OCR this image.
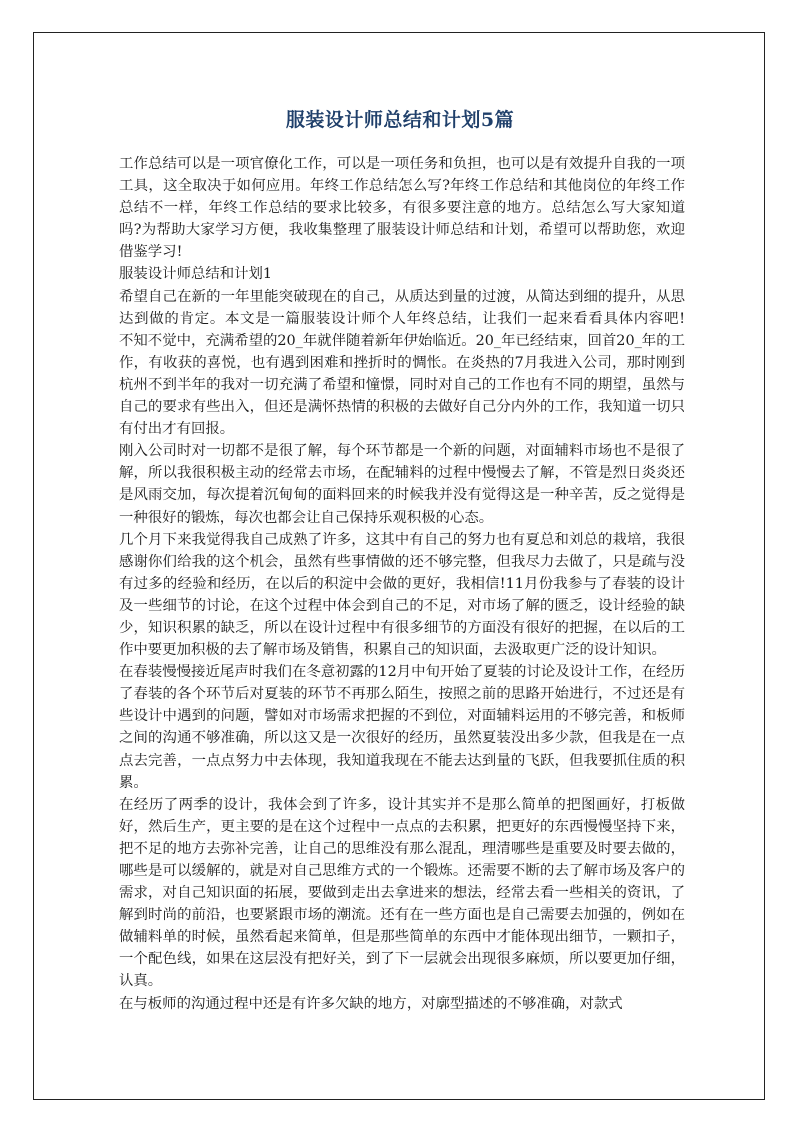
服装设计师总结和计划5篇

工作总结可以是一项官僚化工作，可以是一项任务和负担，也可以是有效提升自我的一项工具，这全取决于如何应用。年终工作总结怎么写?年终工作总结和其他岗位的年终工作总结不一样，年终工作总结的要求比较多，有很多要注意的地方。总结怎么写大家知道吗?为帮助大家学习方便，我收集整理了服装设计师总结和计划，希望可以帮助您，欢迎借鉴学习!

服装设计师总结和计划1

希望自己在新的一年里能突破现在的自己，从质达到量的过渡，从简达到细的提升，从思达到做的肯定。本文是一篇服装设计师个人年终总结，让我们一起来看看具体内容吧!　　不知不觉中，充满希望的20_年就伴随着新年伊始临近。20_年已经结束，回首20_年的工作，有收获的喜悦，也有遇到困难和挫折时的惆怅。在炎热的7月我进入公司，那时刚到杭州不到半年的我对一切充满了希望和憧憬，同时对自己的工作也有不同的期望，虽然与自己的要求有些出入，但还是满怀热情的积极的去做好自己分内外的工作，我知道一切只有付出才有回报。

刚入公司时对一切都不是很了解，每个环节都是一个新的问题，对面辅料市场也不是很了解，所以我很积极主动的经常去市场，在配辅料的过程中慢慢去了解，不管是烈日炎炎还是风雨交加，每次提着沉甸甸的面料回来的时候我并没有觉得这是一种辛苦，反之觉得是一种很好的锻炼，每次也都会让自己保持乐观积极的心态。

几个月下来我觉得我自己成熟了许多，这其中有自己的努力也有夏总和刘总的栽培，我很感谢你们给我的这个机会，虽然有些事情做的还不够完整，但我尽力去做了，只是疏与没有过多的经验和经历，在以后的积淀中会做的更好，我相信!11月份我参与了春装的设计及一些细节的讨论，在这个过程中体会到自己的不足，对市场了解的匮乏，设计经验的缺少，知识积累的缺乏，所以在设计过程中有很多细节的方面没有很好的把握，在以后的工作中要更加积极的去了解市场及销售，积累自己的知识面，去汲取更广泛的设计知识。

在春装慢慢接近尾声时我们在冬意初露的12月中旬开始了夏装的讨论及设计工作，在经历了春装的各个环节后对夏装的环节不再那么陌生，按照之前的思路开始进行，不过还是有些设计中遇到的问题，譬如对市场需求把握的不到位，对面辅料运用的不够完善，和板师之间的沟通不够准确，所以这又是一次很好的经历，虽然夏装没出多少款，但我是在一点点去完善，一点点努力中去体现，我知道我现在不能去达到量的飞跃，但我要抓住质的积累。

在经历了两季的设计，我体会到了许多，设计其实并不是那么简单的把图画好，打板做好，然后生产，更主要的是在这个过程中一点点的去积累，把更好的东西慢慢坚持下来，把不足的地方去弥补完善，让自己的思维没有那么混乱，理清哪些是重要及时要去做的，哪些是可以缓解的，就是对自己思维方式的一个锻炼。还需要不断的去了解市场及客户的需求，对自己知识面的拓展，要做到走出去拿进来的想法，经常去看一些相关的资讯，了解到时尚的前沿，也要紧跟市场的潮流。还有在一些方面也是自己需要去加强的，例如在做辅料单的时候，虽然看起来简单，但是那些简单的东西中才能体现出细节，一颗扣子，一个配色线，如果在这层没有把好关，到了下一层就会出现很多麻烦，所以要更加仔细，认真。

在与板师的沟通过程中还是有许多欠缺的地方，对廓型描述的不够准确，对款式
